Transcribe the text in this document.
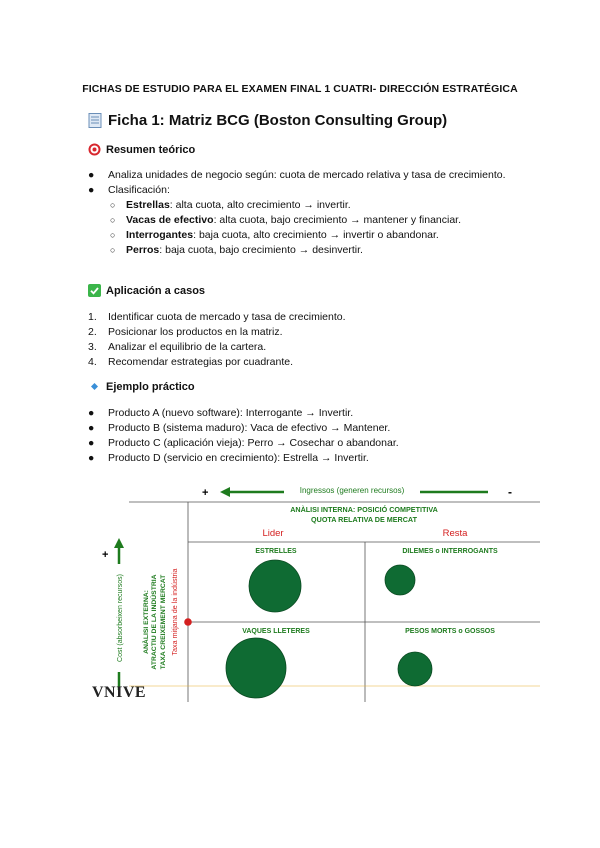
FICHAS DE ESTUDIO PARA EL EXAMEN FINAL 1 CUATRI- DIRECCIÓN ESTRATÉGICA
Ficha 1: Matriz BCG (Boston Consulting Group)
Resumen teórico
●	Analiza unidades de negocio según: cuota de mercado relativa y tasa de crecimiento.
●	Clasificación:
○ Estrellas: alta cuota, alto crecimiento → invertir.
○ Vacas de efectivo: alta cuota, bajo crecimiento → mantener y financiar.
○ Interrogantes: baja cuota, alto crecimiento → invertir o abandonar.
○ Perros: baja cuota, bajo crecimiento → desinvertir.
Aplicación a casos
1.	Identificar cuota de mercado y tasa de crecimiento.
2.	Posicionar los productos en la matriz.
3.	Analizar el equilibrio de la cartera.
4.	Recomendar estrategias por cuadrante.
Ejemplo práctico
●	Producto A (nuevo software): Interrogante → Invertir.
●	Producto B (sistema maduro): Vaca de efectivo → Mantener.
●	Producto C (aplicación vieja): Perro → Cosechar o abandonar.
●	Producto D (servicio en crecimiento): Estrella → Invertir.
+	-
Ingressos (generen recursos)
ANÀLISI INTERNA: POSICIÓ COMPETITIVA
QUOTA RELATIVA DE MERCAT
Lider	Resta
+
Cost (absorbeixen recursos)	ANÀLISI EXTERNA: ATRACTIU DE LA INDÚSTRIA TAXA CREIXEMENT MERCAT Taxa mitjana de la indústria
ESTRELLES	DILEMES o INTERROGANTS
VAQUES LLETERES	PESOS MORTS o GOSSOS
VNIVE
